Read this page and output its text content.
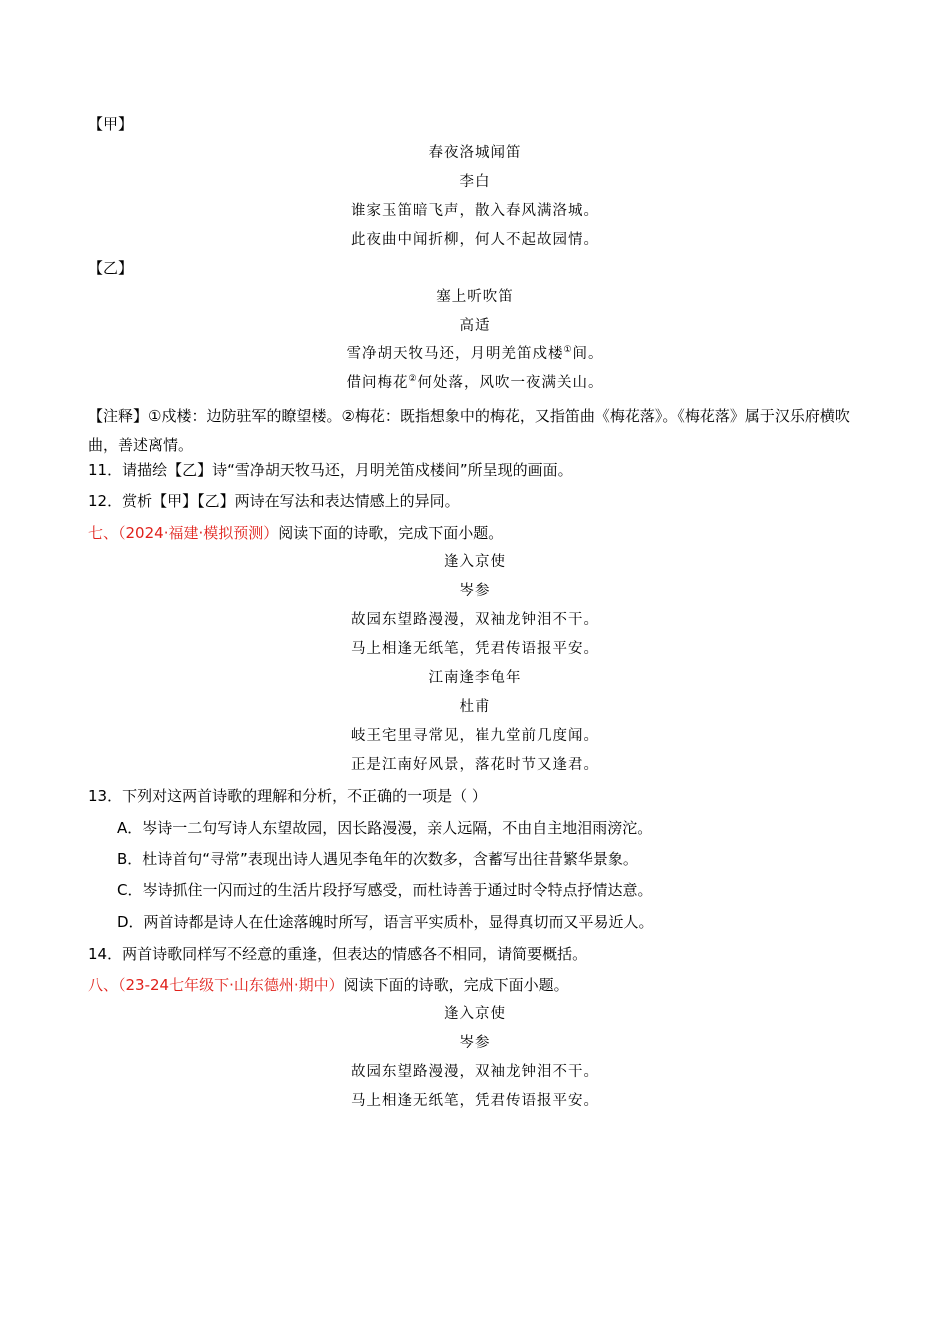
【甲】
春夜洛城闻笛
李白
谁家玉笛暗飞声，散入春风满洛城。
此夜曲中闻折柳，何人不起故园情。
【乙】
塞上听吹笛
高适
雪净胡天牧马还，月明羌笛戍楼①间。
借问梅花②何处落，风吹一夜满关山。
【注释】①戍楼：边防驻军的瞭望楼。②梅花：既指想象中的梅花，又指笛曲《梅花落》。《梅花落》属于汉乐府横吹曲，善述离情。
11．请描绘【乙】诗“雪净胡天牧马还，月明羌笛戍楼间”所呈现的画面。
12．赏析【甲】【乙】两诗在写法和表达情感上的异同。
七、（2024·福建·模拟预测）阅读下面的诗歌，完成下面小题。
逢入京使
岑参
故园东望路漫漫，双袖龙钟泪不干。
马上相逢无纸笔，凭君传语报平安。
江南逢李龟年
杜甫
岐王宅里寻常见，崔九堂前几度闻。
正是江南好风景，落花时节又逢君。
13．下列对这两首诗歌的理解和分析，不正确的一项是（ ）
A．岑诗一二句写诗人东望故园，因长路漫漫，亲人远隔，不由自主地泪雨滂沱。
B．杜诗首句“寻常”表现出诗人遇见李龟年的次数多，含蓄写出往昔繁华景象。
C．岑诗抓住一闪而过的生活片段抒写感受，而杜诗善于通过时令特点抒情达意。
D．两首诗都是诗人在仕途落魄时所写，语言平实质朴，显得真切而又平易近人。
14．两首诗歌同样写不经意的重逢，但表达的情感各不相同，请简要概括。
八、（23-24七年级下·山东德州·期中）阅读下面的诗歌，完成下面小题。
逢入京使
岑参
故园东望路漫漫，双袖龙钟泪不干。
马上相逢无纸笔，凭君传语报平安。
